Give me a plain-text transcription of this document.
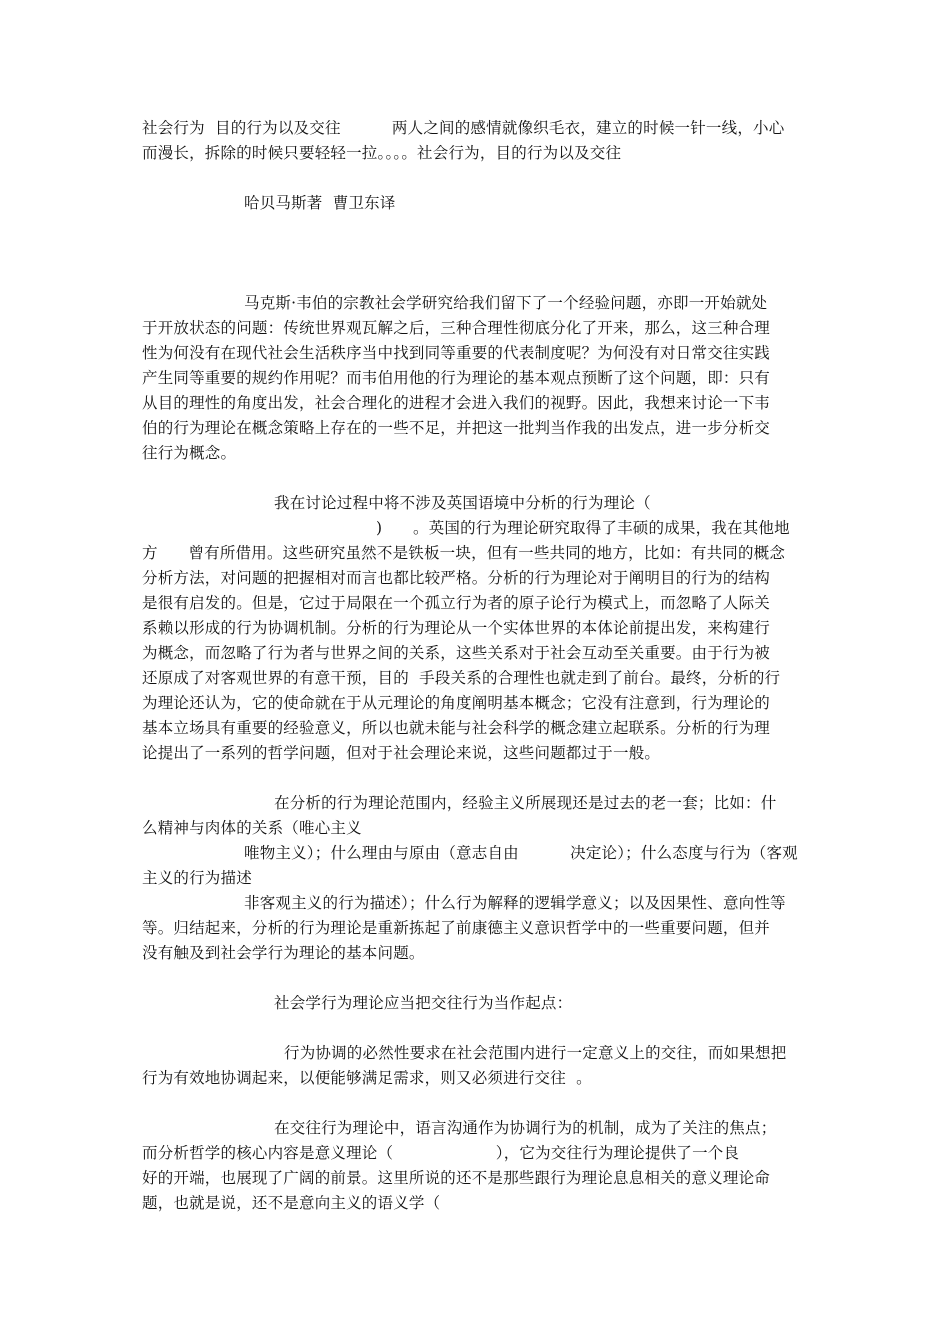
社会行为  目的行为以及交往          两人之间的感情就像织毛衣，建立的时候一针一线，小心
而漫长，拆除的时候只要轻轻一拉。。。。社会行为，目的行为以及交往
哈贝马斯著  曹卫东译
马克斯·韦伯的宗教社会学研究给我们留下了一个经验问题，亦即一开始就处
于开放状态的问题：传统世界观瓦解之后，三种合理性彻底分化了开来，那么，这三种合理
性为何没有在现代社会生活秩序当中找到同等重要的代表制度呢？为何没有对日常交往实践
产生同等重要的规约作用呢？而韦伯用他的行为理论的基本观点预断了这个问题，即：只有
从目的理性的角度出发，社会合理化的进程才会进入我们的视野。因此，我想来讨论一下韦
伯的行为理论在概念策略上存在的一些不足，并把这一批判当作我的出发点，进一步分析交
往行为概念。
我在讨论过程中将不涉及英国语境中分析的行为理论（
)      。英国的行为理论研究取得了丰硕的成果，我在其他地
方      曾有所借用。这些研究虽然不是铁板一块，但有一些共同的地方，比如：有共同的概念
分析方法，对问题的把握相对而言也都比较严格。分析的行为理论对于阐明目的行为的结构
是很有启发的。但是，它过于局限在一个孤立行为者的原子论行为模式上，而忽略了人际关
系赖以形成的行为协调机制。分析的行为理论从一个实体世界的本体论前提出发，来构建行
为概念，而忽略了行为者与世界之间的关系，这些关系对于社会互动至关重要。由于行为被
还原成了对客观世界的有意干预，目的  手段关系的合理性也就走到了前台。最终，分析的行
为理论还认为，它的使命就在于从元理论的角度阐明基本概念；它没有注意到，行为理论的
基本立场具有重要的经验意义，所以也就未能与社会科学的概念建立起联系。分析的行为理
论提出了一系列的哲学问题，但对于社会理论来说，这些问题都过于一般。
在分析的行为理论范围内，经验主义所展现还是过去的老一套；比如：什
么精神与肉体的关系（唯心主义
唯物主义）；什么理由与原由（意志自由          决定论）；什么态度与行为（客观
主义的行为描述
非客观主义的行为描述）；什么行为解释的逻辑学意义；以及因果性、意向性等
等。归结起来，分析的行为理论是重新拣起了前康德主义意识哲学中的一些重要问题，但并
没有触及到社会学行为理论的基本问题。
社会学行为理论应当把交往行为当作起点：
行为协调的必然性要求在社会范围内进行一定意义上的交往，而如果想把
行为有效地协调起来，以便能够满足需求，则又必须进行交往  。
在交往行为理论中，语言沟通作为协调行为的机制，成为了关注的焦点；
而分析哲学的核心内容是意义理论（                    ），它为交往行为理论提供了一个良
好的开端，也展现了广阔的前景。这里所说的还不是那些跟行为理论息息相关的意义理论命
题，也就是说，还不是意向主义的语义学（
